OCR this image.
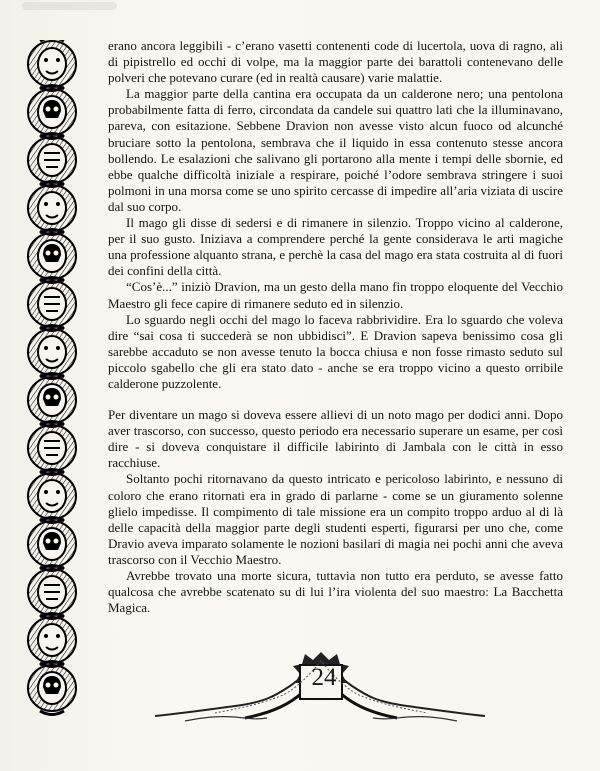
erano ancora leggibili - c’erano vasetti contenenti code di lucertola, uova di ragno, ali di pipistrello ed occhi di volpe, ma la maggior parte dei barattoli contenevano delle polveri che potevano curare (ed in realtà causare) varie malattie.

La maggior parte della cantina era occupata da un calderone nero; una pentolona probabilmente fatta di ferro, circondata da candele sui quattro lati che la illuminavano, pareva, con esitazione. Sebbene Dravion non avesse visto alcun fuoco od alcunché bruciare sotto la pentolona, sembrava che il liquido in essa contenuto stesse ancora bollendo. Le esalazioni che salivano gli portarono alla mente i tempi delle sbornie, ed ebbe qualche difficoltà iniziale a respirare, poiché l’odore sembrava stringere i suoi polmoni in una morsa come se uno spirito cercasse di impedire all’aria viziata di uscire dal suo corpo.

Il mago gli disse di sedersi e di rimanere in silenzio. Troppo vicino al calderone, per il suo gusto. Iniziava a comprendere perché la gente considerava le arti magiche una professione alquanto strana, e perchè la casa del mago era stata costruita al di fuori dei confini della città.

“Cos’è...” iniziò Dravion, ma un gesto della mano fin troppo eloquente del Vecchio Maestro gli fece capire di rimanere seduto ed in silenzio.

Lo sguardo negli occhi del mago lo faceva rabbrividire. Era lo sguardo che voleva dire “sai cosa ti succederà se non ubbidisci”. E Dravion sapeva benissimo cosa gli sarebbe accaduto se non avesse tenuto la bocca chiusa e non fosse rimasto seduto sul piccolo sgabello che gli era stato dato - anche se era troppo vicino a questo orribile calderone puzzolente.

Per diventare un mago si doveva essere allievi di un noto mago per dodici anni. Dopo aver trascorso, con successo, questo periodo era necessario superare un esame, per così dire - si doveva conquistare il difficile labirinto di Jambala con le città in esso racchiuse.

Soltanto pochi ritornavano da questo intricato e pericoloso labirinto, e nessuno di coloro che erano ritornati era in grado di parlarne - come se un giuramento solenne glielo impedisse. Il compimento di tale missione era un compito troppo arduo al di là delle capacità della maggior parte degli studenti esperti, figurarsi per uno che, come Dravio aveva imparato solamente le nozioni basilari di magia nei pochi anni che aveva trascorso con il Vecchio Maestro.

Avrebbe trovato una morte sicura, tuttavia non tutto era perduto, se avesse fatto qualcosa che avrebbe scatenato su di lui l’ira violenta del suo maestro: La Bacchetta Magica.

24
